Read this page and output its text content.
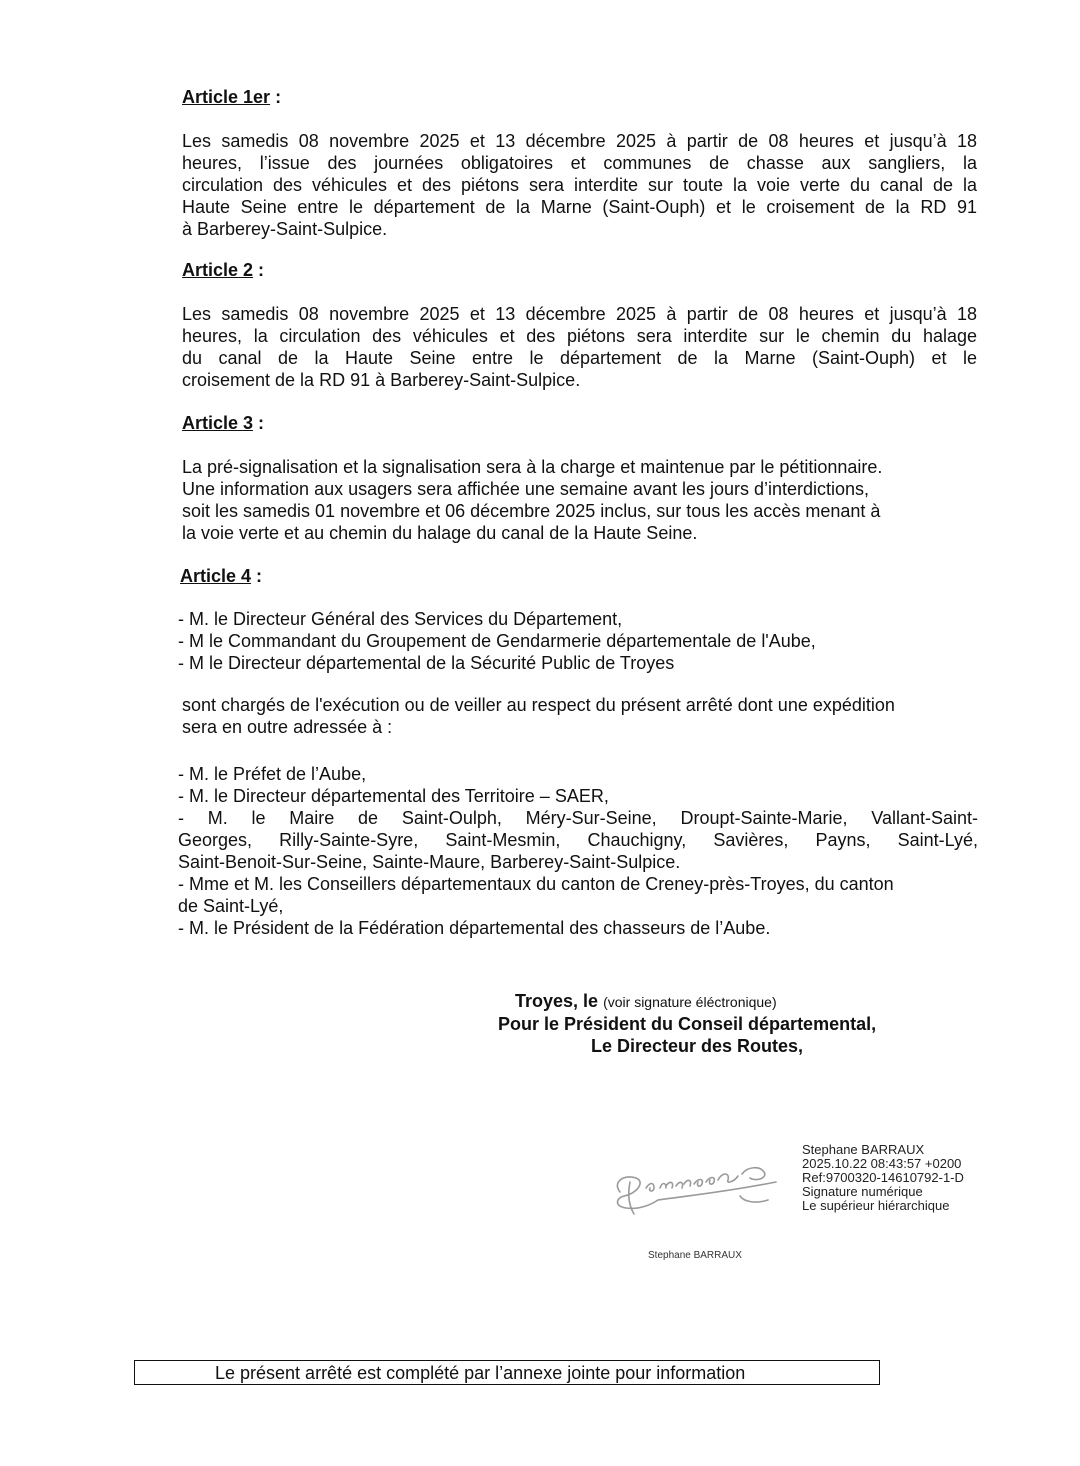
Article 1er :
Les samedis 08 novembre 2025 et 13 décembre 2025 à partir de 08 heures et jusqu’à 18
heures, l’issue des journées obligatoires et communes de chasse aux sangliers, la
circulation des véhicules et des piétons sera interdite sur toute la voie verte du canal de la
Haute Seine entre le département de la Marne (Saint-Ouph) et le croisement de la RD 91
à Barberey-Saint-Sulpice.
Article 2 :
Les samedis 08 novembre 2025 et 13 décembre 2025 à partir de 08 heures et jusqu’à 18
heures, la circulation des véhicules et des piétons sera interdite sur le chemin du halage
du canal de la Haute Seine entre le département de la Marne (Saint-Ouph) et le
croisement de la RD 91 à Barberey-Saint-Sulpice.
Article 3 :
La pré-signalisation et la signalisation sera à la charge et maintenue par le pétitionnaire.
Une information aux usagers sera affichée une semaine avant les jours d’interdictions,
soit les samedis 01 novembre et 06 décembre 2025 inclus, sur tous les accès menant à
la voie verte et au chemin du halage du canal de la Haute Seine.
Article 4 :
- M. le Directeur Général des Services du Département,
- M le Commandant du Groupement de Gendarmerie départementale de l'Aube,
- M le Directeur départemental de la Sécurité Public de Troyes
sont chargés de l'exécution ou de veiller au respect du présent arrêté dont une expédition
sera en outre adressée à :
- M. le Préfet de l’Aube,
- M. le Directeur départemental des Territoire – SAER,
- M. le Maire de Saint-Oulph, Méry-Sur-Seine, Droupt-Sainte-Marie, Vallant-Saint-
Georges, Rilly-Sainte-Syre, Saint-Mesmin, Chauchigny, Savières, Payns, Saint-Lyé,
Saint-Benoit-Sur-Seine, Sainte-Maure, Barberey-Saint-Sulpice.
- Mme et M. les Conseillers départementaux du canton de Creney-près-Troyes, du canton
de Saint-Lyé,
- M. le Président de la Fédération départemental des chasseurs de l’Aube.
Troyes, le (voir signature éléctronique)
Pour le Président du Conseil départemental,
Le Directeur des Routes,
Stephane BARRAUX
2025.10.22 08:43:57 +0200
Ref:9700320-14610792-1-D
Signature numérique
Le supérieur hiérarchique
Stephane BARRAUX
Le présent arrêté est complété par l’annexe jointe pour information
